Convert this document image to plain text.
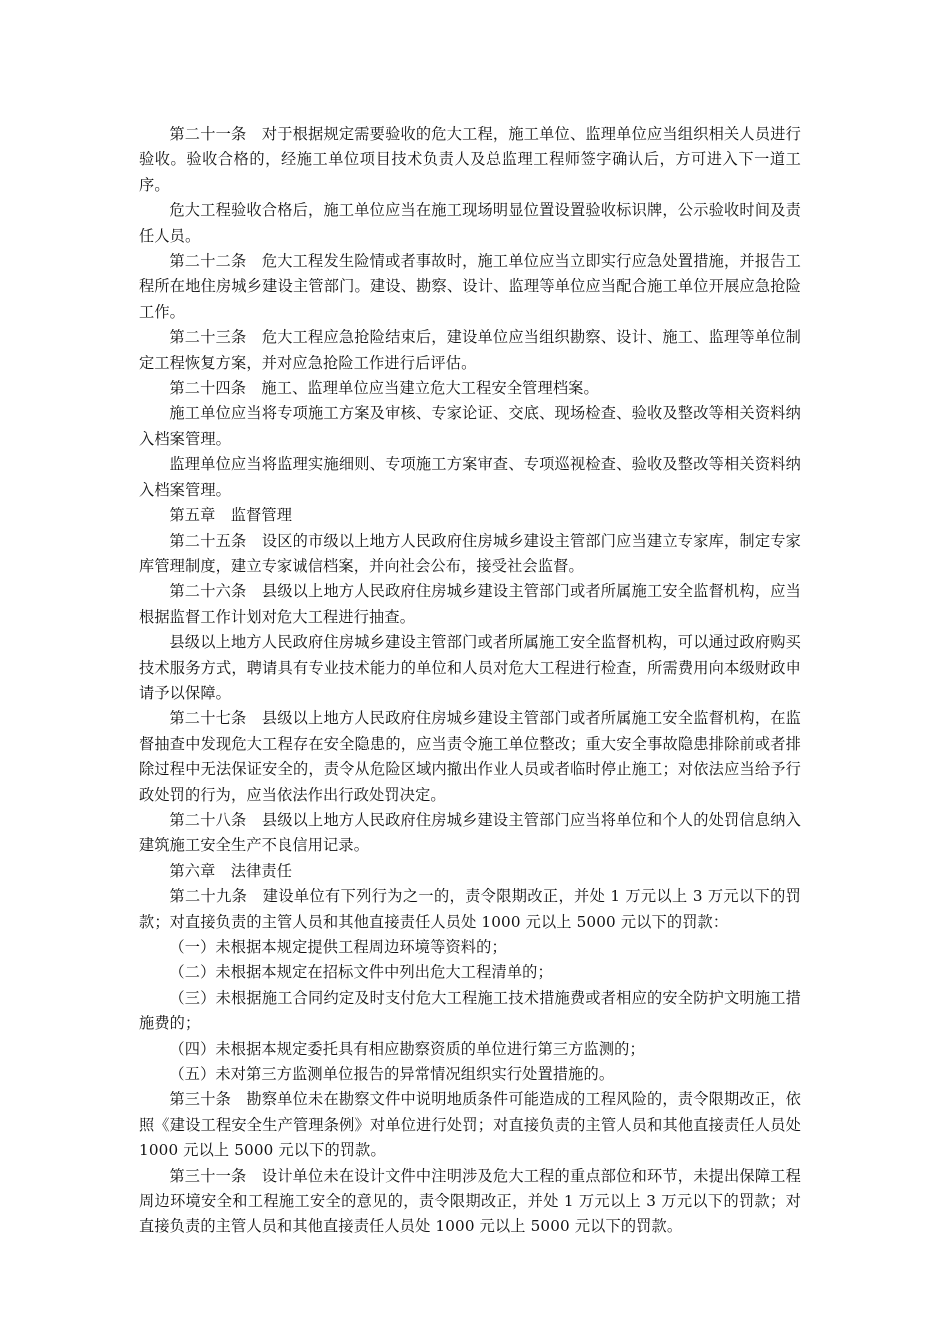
第二十一条　对于根据规定需要验收的危大工程，施工单位、监理单位应当组织相关人员进行验收。验收合格的，经施工单位项目技术负责人及总监理工程师签字确认后，方可进入下一道工序。

危大工程验收合格后，施工单位应当在施工现场明显位置设置验收标识牌，公示验收时间及责任人员。

第二十二条　危大工程发生险情或者事故时，施工单位应当立即实行应急处置措施，并报告工程所在地住房城乡建设主管部门。建设、勘察、设计、监理等单位应当配合施工单位开展应急抢险工作。

第二十三条　危大工程应急抢险结束后，建设单位应当组织勘察、设计、施工、监理等单位制定工程恢复方案，并对应急抢险工作进行后评估。

第二十四条　施工、监理单位应当建立危大工程安全管理档案。

施工单位应当将专项施工方案及审核、专家论证、交底、现场检查、验收及整改等相关资料纳入档案管理。

监理单位应当将监理实施细则、专项施工方案审查、专项巡视检查、验收及整改等相关资料纳入档案管理。

第五章　监督管理

第二十五条　设区的市级以上地方人民政府住房城乡建设主管部门应当建立专家库，制定专家库管理制度，建立专家诚信档案，并向社会公布，接受社会监督。

第二十六条　县级以上地方人民政府住房城乡建设主管部门或者所属施工安全监督机构，应当根据监督工作计划对危大工程进行抽查。

县级以上地方人民政府住房城乡建设主管部门或者所属施工安全监督机构，可以通过政府购买技术服务方式，聘请具有专业技术能力的单位和人员对危大工程进行检查，所需费用向本级财政申请予以保障。

第二十七条　县级以上地方人民政府住房城乡建设主管部门或者所属施工安全监督机构，在监督抽查中发现危大工程存在安全隐患的，应当责令施工单位整改；重大安全事故隐患排除前或者排除过程中无法保证安全的，责令从危险区域内撤出作业人员或者临时停止施工；对依法应当给予行政处罚的行为，应当依法作出行政处罚决定。

第二十八条　县级以上地方人民政府住房城乡建设主管部门应当将单位和个人的处罚信息纳入建筑施工安全生产不良信用记录。

第六章　法律责任

第二十九条　建设单位有下列行为之一的，责令限期改正，并处 1 万元以上 3 万元以下的罚款；对直接负责的主管人员和其他直接责任人员处 1000 元以上 5000 元以下的罚款：

（一）未根据本规定提供工程周边环境等资料的；

（二）未根据本规定在招标文件中列出危大工程清单的；

（三）未根据施工合同约定及时支付危大工程施工技术措施费或者相应的安全防护文明施工措施费的；

（四）未根据本规定委托具有相应勘察资质的单位进行第三方监测的；

（五）未对第三方监测单位报告的异常情况组织实行处置措施的。

第三十条　勘察单位未在勘察文件中说明地质条件可能造成的工程风险的，责令限期改正，依照《建设工程安全生产管理条例》对单位进行处罚；对直接负责的主管人员和其他直接责任人员处 1000 元以上 5000 元以下的罚款。

第三十一条　设计单位未在设计文件中注明涉及危大工程的重点部位和环节，未提出保障工程周边环境安全和工程施工安全的意见的，责令限期改正，并处 1 万元以上 3 万元以下的罚款；对直接负责的主管人员和其他直接责任人员处 1000 元以上 5000 元以下的罚款。
